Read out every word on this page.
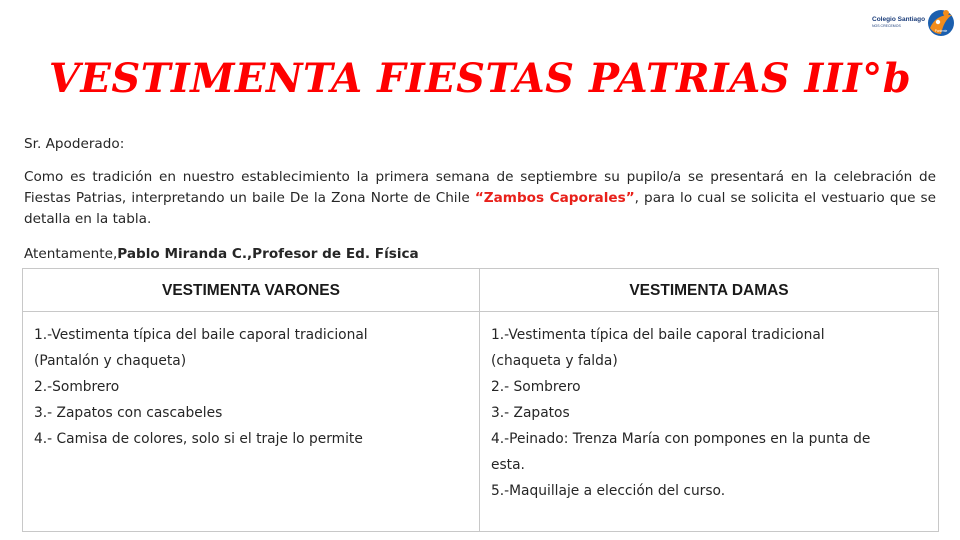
Colegio Santiago
NOS CRECEMOS
Poniente
VESTIMENTA FIESTAS PATRIAS III°b

Sr. Apoderado:

Como es tradición en nuestro establecimiento la primera semana de septiembre su pupilo/a se presentará en la celebración de Fiestas Patrias, interpretando un baile De la Zona Norte de Chile “Zambos Caporales”, para lo cual se solicita el vestuario que se detalla en la tabla.

Atentamente,Pablo Miranda C.,Profesor de Ed. Física

VESTIMENTA VARONES
1.-Vestimenta típica del baile caporal tradicional
(Pantalón y chaqueta)
2.-Sombrero
3.- Zapatos con cascabeles
4.- Camisa de colores, solo si el traje lo permite
VESTIMENTA DAMAS
1.-Vestimenta típica del baile caporal tradicional
(chaqueta y falda)
2.- Sombrero
3.- Zapatos
4.-Peinado: Trenza María con pompones en la punta de
esta.
5.-Maquillaje a elección del curso.
